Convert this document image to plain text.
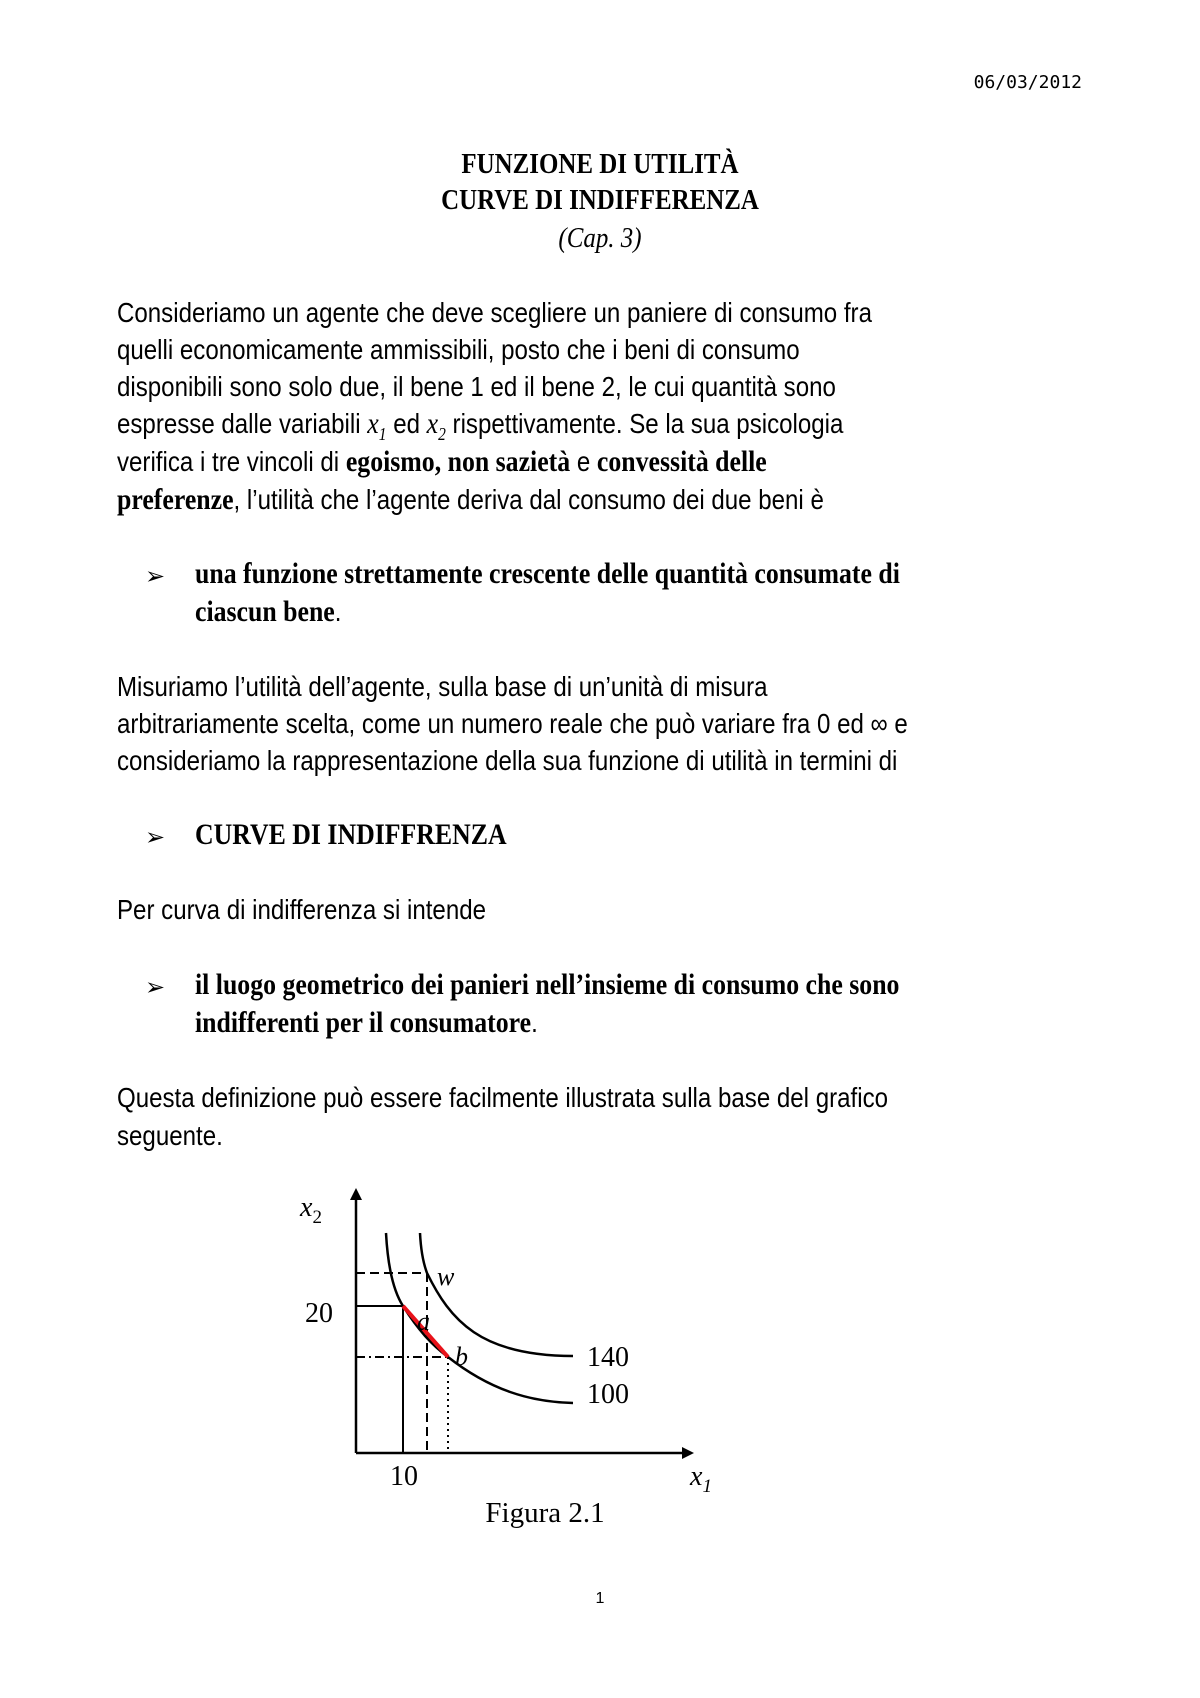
06/03/2012
FUNZIONE DI UTILITÀ
CURVE DI INDIFFERENZA
(Cap. 3)
Consideriamo un agente che deve scegliere un paniere di consumo fra
quelli economicamente ammissibili, posto che i beni di consumo
disponibili sono solo due, il bene 1 ed il bene 2, le cui quantità sono
espresse dalle variabili $x_1$ ed $x_2$ rispettivamente. Se la sua psicologia
verifica i tre vincoli di egoismo, non sazietà e convessità delle
preferenze, l’utilità che l’agente deriva dal consumo dei due beni è
➢ una funzione strettamente crescente delle quantità consumate di
ciascun bene.
Misuriamo l’utilità dell’agente, sulla base di un’unità di misura
arbitrariamente scelta, come un numero reale che può variare fra 0 ed ∞ e
consideriamo la rappresentazione della sua funzione di utilità in termini di
➢ CURVE DI INDIFFRENZA
Per curva di indifferenza si intende
➢ il luogo geometrico dei panieri nell’insieme di consumo che sono
indifferenti per il consumatore.
Questa definizione può essere facilmente illustrata sulla base del grafico
seguente.
$x_2$
20
10	$x_1$
w
a
b	140
100
Figura 2.1
1
